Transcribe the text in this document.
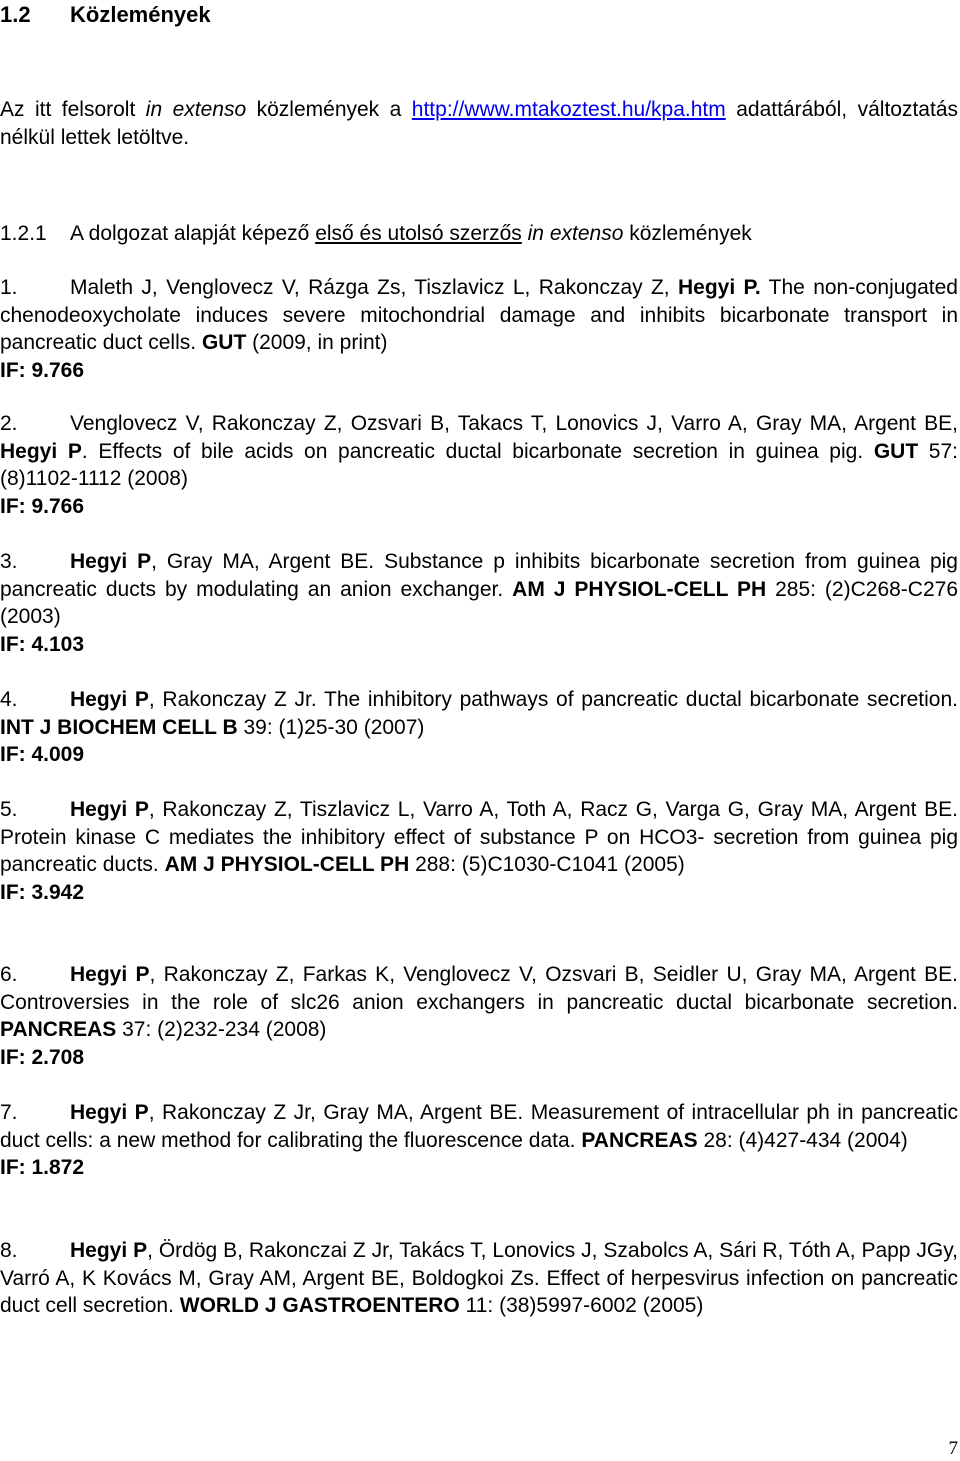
1.2 Közlemények
Az itt felsorolt in extenso közlemények a http://www.mtakoztest.hu/kpa.htm adattárából, változtatás nélkül lettek letöltve.
1.2.1 A dolgozat alapját képező első és utolsó szerzős in extenso közlemények
1. Maleth J, Venglovecz V, Rázga Zs, Tiszlavicz L, Rakonczay Z, Hegyi P. The non-conjugated chenodeoxycholate induces severe mitochondrial damage and inhibits bicarbonate transport in pancreatic duct cells. GUT (2009, in print)
IF: 9.766
2. Venglovecz V, Rakonczay Z, Ozsvari B, Takacs T, Lonovics J, Varro A, Gray MA, Argent BE, Hegyi P. Effects of bile acids on pancreatic ductal bicarbonate secretion in guinea pig. GUT 57: (8)1102-1112 (2008)
IF: 9.766
3. Hegyi P, Gray MA, Argent BE. Substance p inhibits bicarbonate secretion from guinea pig pancreatic ducts by modulating an anion exchanger. AM J PHYSIOL-CELL PH 285: (2)C268-C276 (2003)
IF: 4.103
4. Hegyi P, Rakonczay Z Jr. The inhibitory pathways of pancreatic ductal bicarbonate secretion. INT J BIOCHEM CELL B 39: (1)25-30 (2007)
IF: 4.009
5. Hegyi P, Rakonczay Z, Tiszlavicz L, Varro A, Toth A, Racz G, Varga G, Gray MA, Argent BE. Protein kinase C mediates the inhibitory effect of substance P on HCO3- secretion from guinea pig pancreatic ducts. AM J PHYSIOL-CELL PH 288: (5)C1030-C1041 (2005)
IF: 3.942
6. Hegyi P, Rakonczay Z, Farkas K, Venglovecz V, Ozsvari B, Seidler U, Gray MA, Argent BE. Controversies in the role of slc26 anion exchangers in pancreatic ductal bicarbonate secretion. PANCREAS 37: (2)232-234 (2008)
IF: 2.708
7. Hegyi P, Rakonczay Z Jr, Gray MA, Argent BE. Measurement of intracellular ph in pancreatic duct cells: a new method for calibrating the fluorescence data. PANCREAS 28: (4)427-434 (2004)
IF: 1.872
8. Hegyi P, Ördög B, Rakonczai Z Jr, Takács T, Lonovics J, Szabolcs A, Sári R, Tóth A, Papp JGy, Varró A, K Kovács M, Gray AM, Argent BE, Boldogkoi Zs. Effect of herpesvirus infection on pancreatic duct cell secretion. WORLD J GASTROENTERO 11: (38)5997-6002 (2005)
7
